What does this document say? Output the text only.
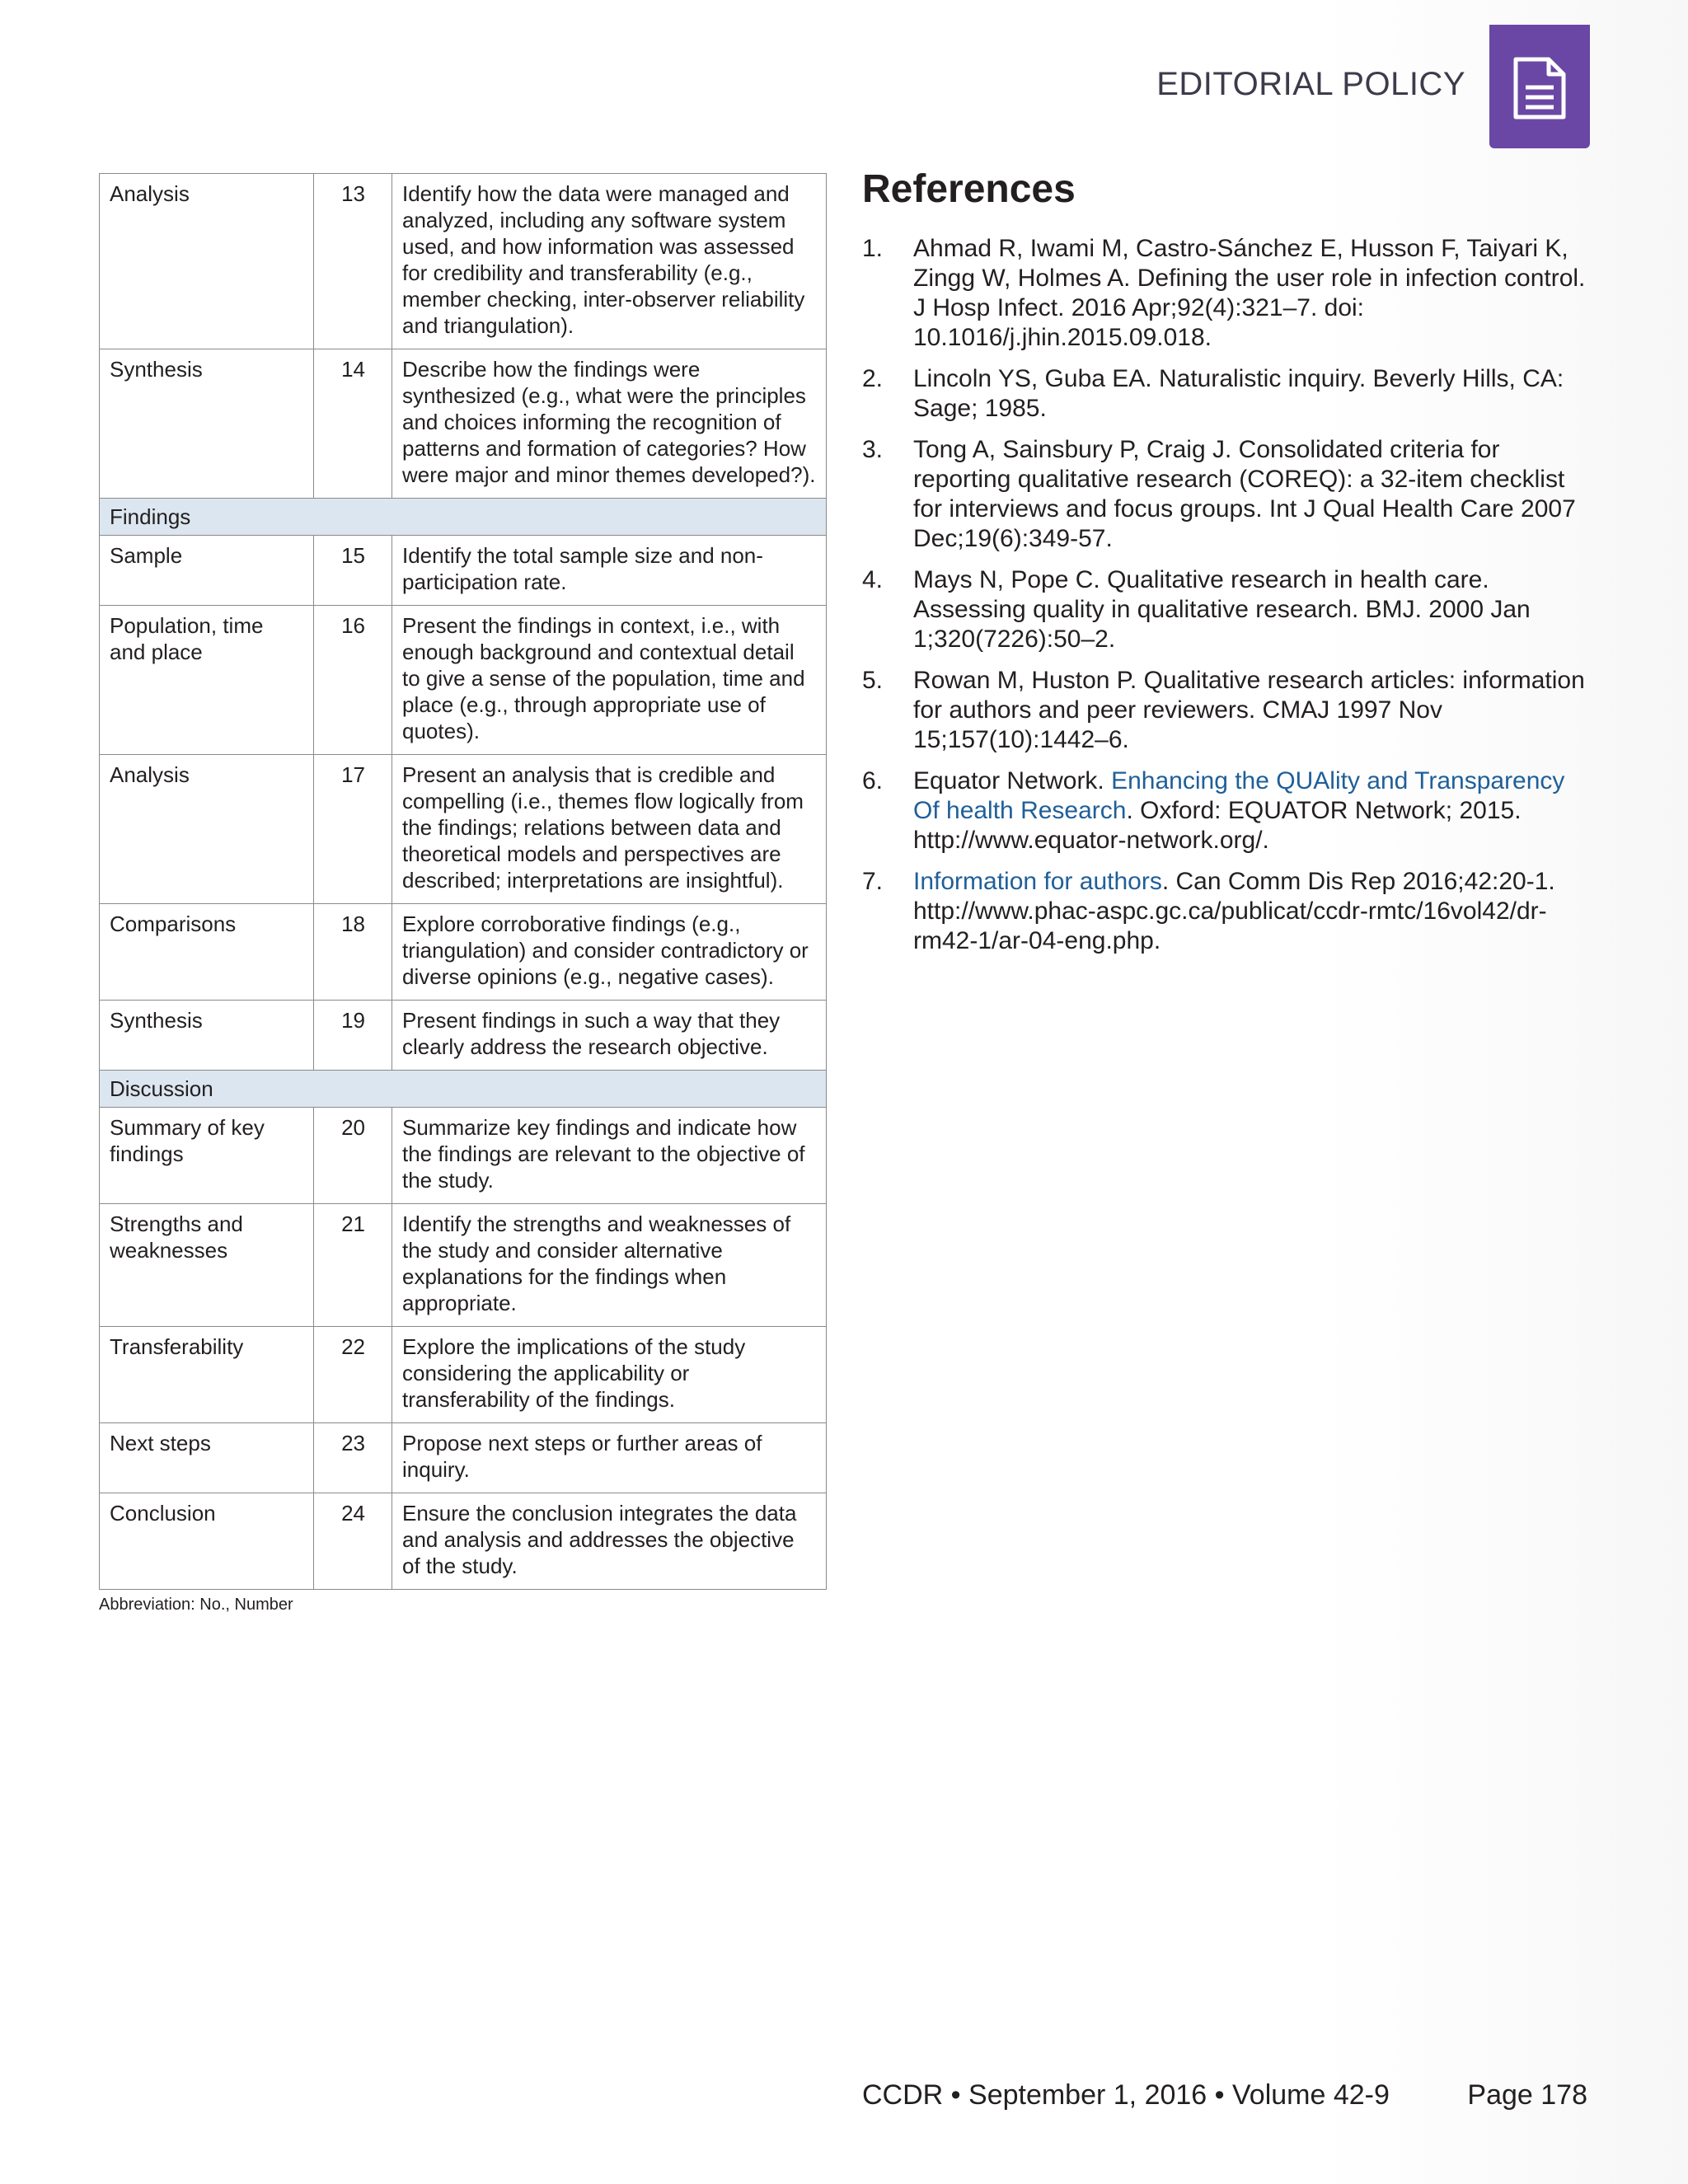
EDITORIAL POLICY
Analysis	13	Identify how the data were managed and analyzed, including any software system used, and how information was assessed for credibility and transferability (e.g., member checking, inter-observer reliability and triangulation).
Synthesis	14	Describe how the findings were synthesized (e.g., what were the principles and choices informing the recognition of patterns and formation of categories? How were major and minor themes developed?).
Findings		
Sample	15	Identify the total sample size and non-participation rate.
Population, time and place	16	Present the findings in context, i.e., with enough background and contextual detail to give a sense of the population, time and place (e.g., through appropriate use of quotes).
Analysis	17	Present an analysis that is credible and compelling (i.e., themes flow logically from the findings; relations between data and theoretical models and perspectives are described; interpretations are insightful).
Comparisons	18	Explore corroborative findings (e.g., triangulation) and consider contradictory or diverse opinions (e.g., negative cases).
Synthesis	19	Present findings in such a way that they clearly address the research objective.
Discussion		
Summary of key findings	20	Summarize key findings and indicate how the findings are relevant to the objective of the study.
Strengths and weaknesses	21	Identify the strengths and weaknesses of the study and consider alternative explanations for the findings when appropriate.
Transferability	22	Explore the implications of the study considering the applicability or transferability of the findings.
Next steps	23	Propose next steps or further areas of inquiry.
Conclusion	24	Ensure the conclusion integrates the data and analysis and addresses the objective of the study.
Abbreviation: No., Number
References
1. Ahmad R, Iwami M, Castro-Sánchez E, Husson F, Taiyari K, Zingg W, Holmes A. Defining the user role in infection control. J Hosp Infect. 2016 Apr;92(4):321–7. doi: 10.1016/j.jhin.2015.09.018.
2. Lincoln YS, Guba EA. Naturalistic inquiry. Beverly Hills, CA: Sage; 1985.
3. Tong A, Sainsbury P, Craig J. Consolidated criteria for reporting qualitative research (COREQ): a 32-item checklist for interviews and focus groups. Int J Qual Health Care 2007 Dec;19(6):349-57.
4. Mays N, Pope C. Qualitative research in health care. Assessing quality in qualitative research. BMJ. 2000 Jan 1;320(7226):50–2.
5. Rowan M, Huston P. Qualitative research articles: information for authors and peer reviewers. CMAJ 1997 Nov 15;157(10):1442–6.
6. Equator Network. Enhancing the QUAlity and Transparency Of health Research. Oxford: EQUATOR Network; 2015. http://www.equator-network.org/.
7. Information for authors. Can Comm Dis Rep 2016;42:20-1. http://www.phac-aspc.gc.ca/publicat/ccdr-rmtc/16vol42/dr-rm42-1/ar-04-eng.php.
CCDR • September 1, 2016 • Volume 42-9	Page 178
